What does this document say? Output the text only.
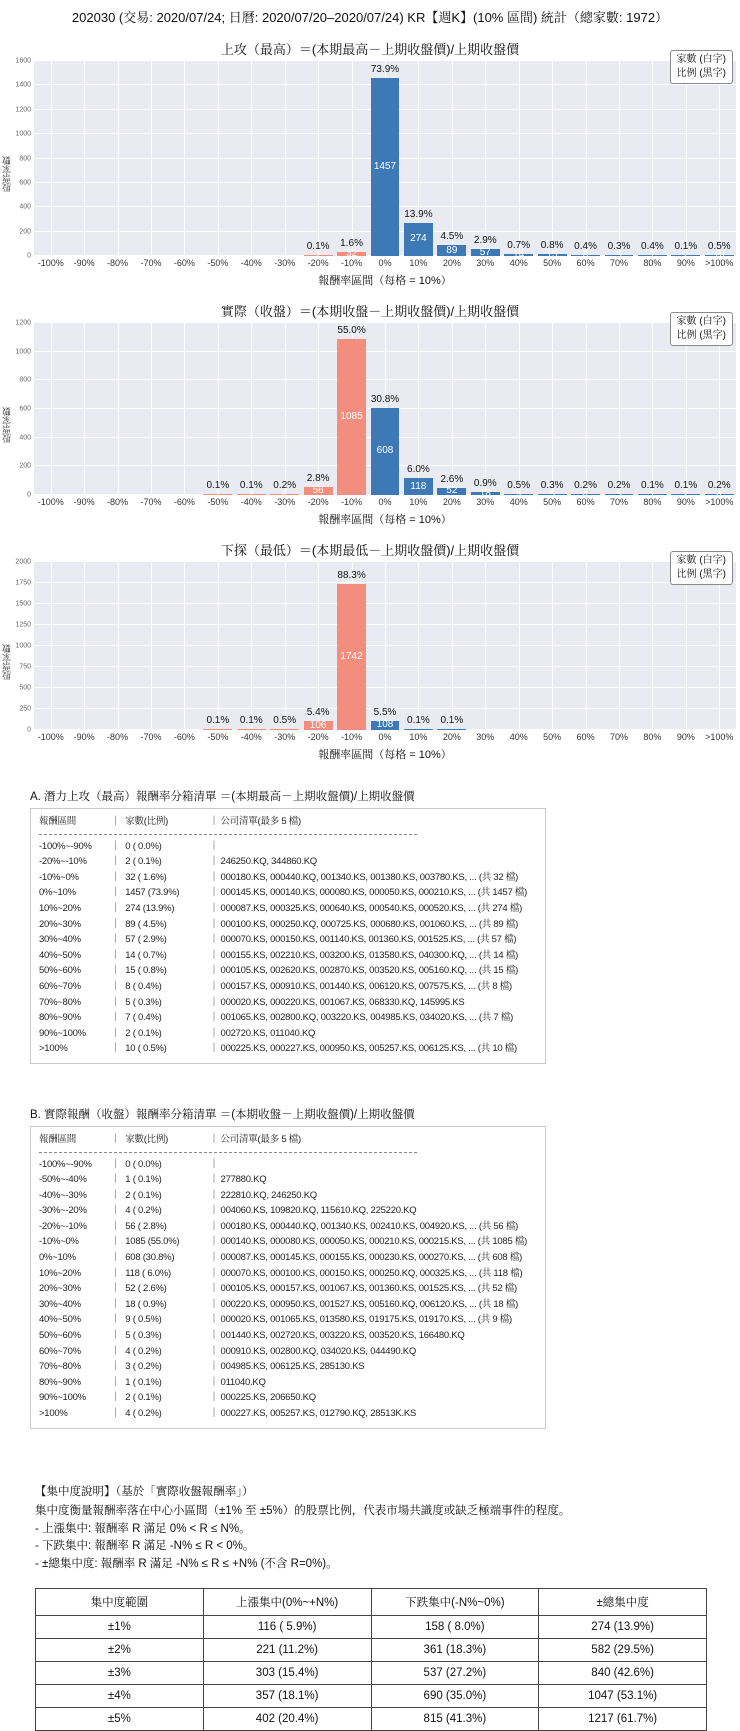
202030 (交易: 2020/07/24; 日曆: 2020/07/20–2020/07/24) KR【週K】(10% 區間) 統計（總家數: 1972）
上攻（最高）＝(本期最高－上期收盤價)/上期收盤價
股票家數
0
200
400
600
800
1000
1200
1400
1600
2
0.1%
32
1.6%
1457
73.9%
274
13.9%
89
4.5%
57
2.9%
14
0.7%
15
0.8%
8
0.4%
5
0.3%
7
0.4%
2
0.1%
10
0.5%
家數 (白字)
比例 (黑字)
-100% -90% -80% -70% -60% -50% -40% -30% -20% -10% 0% 10% 20% 30% 40% 50% 60% 70% 80% 90% >100%
報酬率區間（每格 = 10%）
實際（收盤）＝(本期收盤－上期收盤價)/上期收盤價
股票家數
0
200
400
600
800
1000
1200
1
0.1%
2
0.1%
4
0.2% 56
2.8%
1085
55.0%
608
30.8%
118
6.0%
52
2.6%
18
0.9%
9
0.5%
5
0.3%
4
0.2%
3
0.2%
1
0.1%
2
0.1%
4
0.2%
家數 (白字)
比例 (黑字)
-100% -90% -80% -70% -60% -50% -40% -30% -20% -10% 0% 10% 20% 30% 40% 50% 60% 70% 80% 90% >100%
報酬率區間（每格 = 10%）
下探（最低）＝(本期最低－上期收盤價)/上期收盤價
股票家數
0
250
500
750
1000
1250
1500
1750
2000
0.1% 0.1% 0.5% 106
5.4%
1742
88.3%
108
5.5%
0.1% 0.1%
家數 (白字)
比例 (黑字)
-100% -90% -80% -70% -60% -50% -40% -30% -20% -10% 0% 10% 20% 30% 40% 50% 60% 70% 80% 90% >100%
報酬率區間（每格 = 10%）
A. 潛力上攻（最高）報酬率分箱清單 ＝(本期最高－上期收盤價)/上期收盤價
報酬區間	｜ 家數(比例)	｜ 公司清單(最多 5 檔)
-100%~-90%	｜ 0 ( 0.0%)	｜
-20%~-10%	｜ 2 ( 0.1%)	｜ 246250.KQ, 344860.KQ
-10%~0%	｜ 32 ( 1.6%)	｜ 000180.KS, 000440.KQ, 001340.KS, 001380.KS, 003780.KS, ... (共 32 檔)
0%~10%	｜ 1457 (73.9%)	｜ 000145.KS, 000140.KS, 000080.KS, 000050.KS, 000210.KS, ... (共 1457 檔)
10%~20%	｜ 274 (13.9%)	｜ 000087.KS, 000325.KS, 000640.KS, 000540.KS, 000520.KS, ... (共 274 檔)
20%~30%	｜ 89 ( 4.5%)	｜ 000100.KS, 000250.KQ, 000725.KS, 000680.KS, 001060.KS, ... (共 89 檔)
30%~40%	｜ 57 ( 2.9%)	｜ 000070.KS, 000150.KS, 001140.KS, 001360.KS, 001525.KS, ... (共 57 檔)
40%~50%	｜ 14 ( 0.7%)	｜ 000155.KS, 002210.KS, 003200.KS, 013580.KS, 040300.KQ, ... (共 14 檔)
50%~60%	｜ 15 ( 0.8%)	｜ 000105.KS, 002620.KS, 002870.KS, 003520.KS, 005160.KQ, ... (共 15 檔)
60%~70%	｜ 8 ( 0.4%)	｜ 000157.KS, 000910.KS, 001440.KS, 006120.KS, 007575.KS, ... (共 8 檔)
70%~80%	｜ 5 ( 0.3%)	｜ 000020.KS, 000220.KS, 001067.KS, 068330.KQ, 145995.KS
80%~90%	｜ 7 ( 0.4%)	｜ 001065.KS, 002800.KQ, 003220.KS, 004985.KS, 034020.KS, ... (共 7 檔)
90%~100%	｜ 2 ( 0.1%)	｜ 002720.KS, 011040.KQ
>100%	｜ 10 ( 0.5%)	｜ 000225.KS, 000227.KS, 000950.KS, 005257.KS, 006125.KS, ... (共 10 檔)
B. 實際報酬（收盤）報酬率分箱清單 ＝(本期收盤－上期收盤價)/上期收盤價
報酬區間	｜ 家數(比例)	｜ 公司清單(最多 5 檔)
-100%~-90%	｜ 0 ( 0.0%)	｜
-50%~-40%	｜ 1 ( 0.1%)	｜ 277880.KQ
-40%~-30%	｜ 2 ( 0.1%)	｜ 222810.KQ, 246250.KQ
-30%~-20%	｜ 4 ( 0.2%)	｜ 004060.KS, 109820.KQ, 115610.KQ, 225220.KQ
-20%~-10%	｜ 56 ( 2.8%)	｜ 000180.KS, 000440.KQ, 001340.KS, 002410.KS, 004920.KS, ... (共 56 檔)
-10%~0%	｜ 1085 (55.0%)	｜ 000140.KS, 000080.KS, 000050.KS, 000210.KS, 000215.KS, ... (共 1085 檔)
0%~10%	｜ 608 (30.8%)	｜ 000087.KS, 000145.KS, 000155.KS, 000230.KS, 000270.KS, ... (共 608 檔)
10%~20%	｜ 118 ( 6.0%)	｜ 000070.KS, 000100.KS, 000150.KS, 000250.KQ, 000325.KS, ... (共 118 檔)
20%~30%	｜ 52 ( 2.6%)	｜ 000105.KS, 000157.KS, 001067.KS, 001360.KS, 001525.KS, ... (共 52 檔)
30%~40%	｜ 18 ( 0.9%)	｜ 000220.KS, 000950.KS, 001527.KS, 005160.KQ, 006120.KS, ... (共 18 檔)
40%~50%	｜ 9 ( 0.5%)	｜ 000020.KS, 001065.KS, 013580.KS, 019175.KS, 019170.KS, ... (共 9 檔)
50%~60%	｜ 5 ( 0.3%)	｜ 001440.KS, 002720.KS, 003220.KS, 003520.KS, 166480.KQ
60%~70%	｜ 4 ( 0.2%)	｜ 000910.KS, 002800.KQ, 034020.KS, 044490.KQ
70%~80%	｜ 3 ( 0.2%)	｜ 004985.KS, 006125.KS, 285130.KS
80%~90%	｜ 1 ( 0.1%)	｜ 011040.KQ
90%~100%	｜ 2 ( 0.1%)	｜ 000225.KS, 206650.KQ
>100%	｜ 4 ( 0.2%)	｜ 000227.KS, 005257.KS, 012790.KQ, 28513K.KS
【集中度說明】（基於「實際收盤報酬率」）
集中度衡量報酬率落在中心小區間（±1% 至 ±5%）的股票比例，代表市場共識度或缺乏極端事件的程度。
- 上漲集中: 報酬率 R 滿足 0% < R ≤ N%。
- 下跌集中: 報酬率 R 滿足 -N% ≤ R < 0%。
- ±總集中度: 報酬率 R 滿足 -N% ≤ R ≤ +N% (不含 R=0%)。
集中度範圍	上漲集中(0%~+N%)	下跌集中(-N%~0%)	±總集中度
±1%	116 ( 5.9%)	158 ( 8.0%)	274 (13.9%)
±2%	221 (11.2%)	361 (18.3%)	582 (29.5%)
±3%	303 (15.4%)	537 (27.2%)	840 (42.6%)
±4%	357 (18.1%)	690 (35.0%)	1047 (53.1%)
±5%	402 (20.4%)	815 (41.3%)	1217 (61.7%)
